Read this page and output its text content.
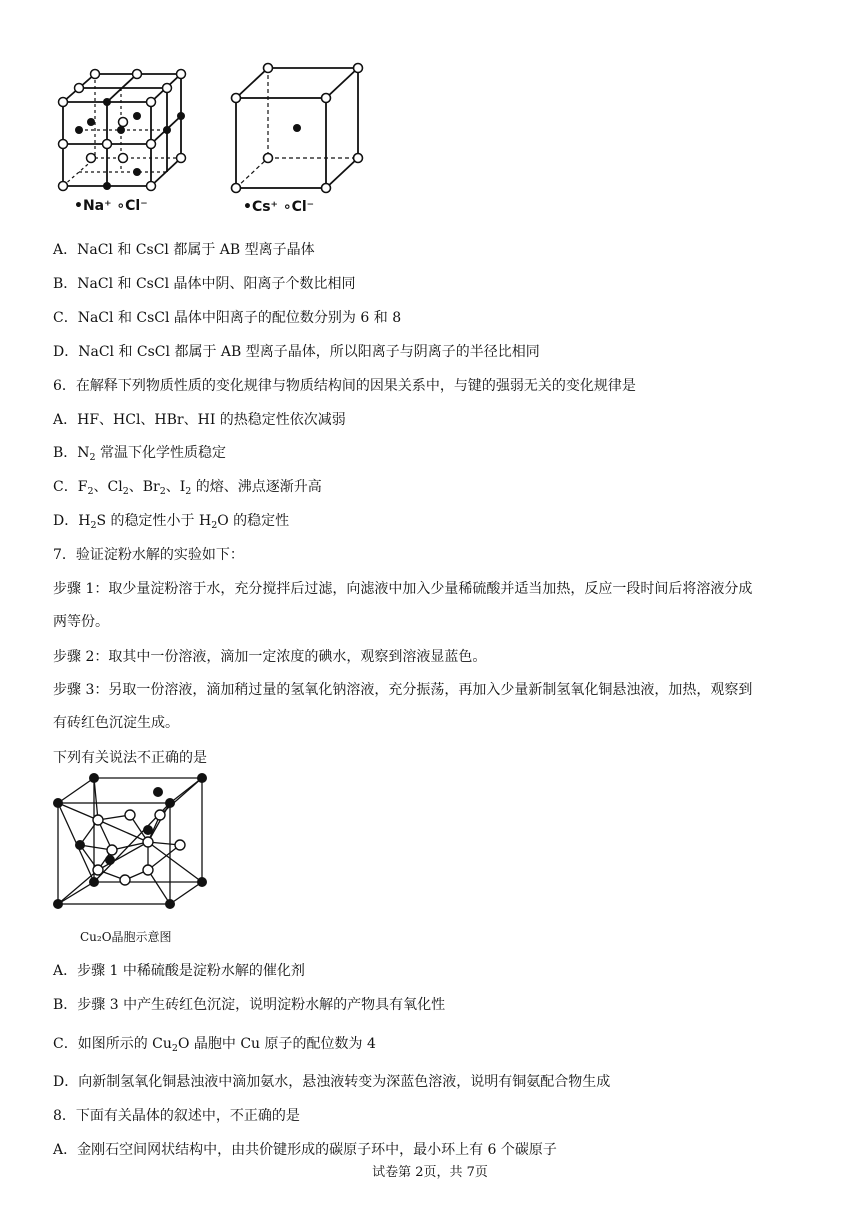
•Na⁺ ∘Cl⁻	•Cs⁺ ∘Cl⁻
A．NaCl 和 CsCl 都属于 AB 型离子晶体
B．NaCl 和 CsCl 晶体中阴、阳离子个数比相同
C．NaCl 和 CsCl 晶体中阳离子的配位数分别为 6 和 8
D．NaCl 和 CsCl 都属于 AB 型离子晶体，所以阳离子与阴离子的半径比相同
6．在解释下列物质性质的变化规律与物质结构间的因果关系中，与键的强弱无关的变化规律是
A．HF、HCl、HBr、HI 的热稳定性依次减弱
B．$N_2$ 常温下化学性质稳定
C．$F_2$、$Cl_2$、$Br_2$、$I_2$ 的熔、沸点逐渐升高
D．$H_2S$ 的稳定性小于 $H_2O$ 的稳定性
7．验证淀粉水解的实验如下：
步骤 1：取少量淀粉溶于水，充分搅拌后过滤，向滤液中加入少量稀硫酸并适当加热，反应一段时间后将溶液分成
两等份。
步骤 2：取其中一份溶液，滴加一定浓度的碘水，观察到溶液显蓝色。
步骤 3：另取一份溶液，滴加稍过量的氢氧化钠溶液，充分振荡，再加入少量新制氢氧化铜悬浊液，加热，观察到
有砖红色沉淀生成。
下列有关说法不正确的是
Cu₂O晶胞示意图
A．步骤 1 中稀硫酸是淀粉水解的催化剂
B．步骤 3 中产生砖红色沉淀，说明淀粉水解的产物具有氧化性
C．如图所示的 $Cu_2O$ 晶胞中 Cu 原子的配位数为 4
D．向新制氢氧化铜悬浊液中滴加氨水，悬浊液转变为深蓝色溶液，说明有铜氨配合物生成
8．下面有关晶体的叙述中，不正确的是
A．金刚石空间网状结构中，由共价键形成的碳原子环中，最小环上有 6 个碳原子
试卷第 2页，共 7页
